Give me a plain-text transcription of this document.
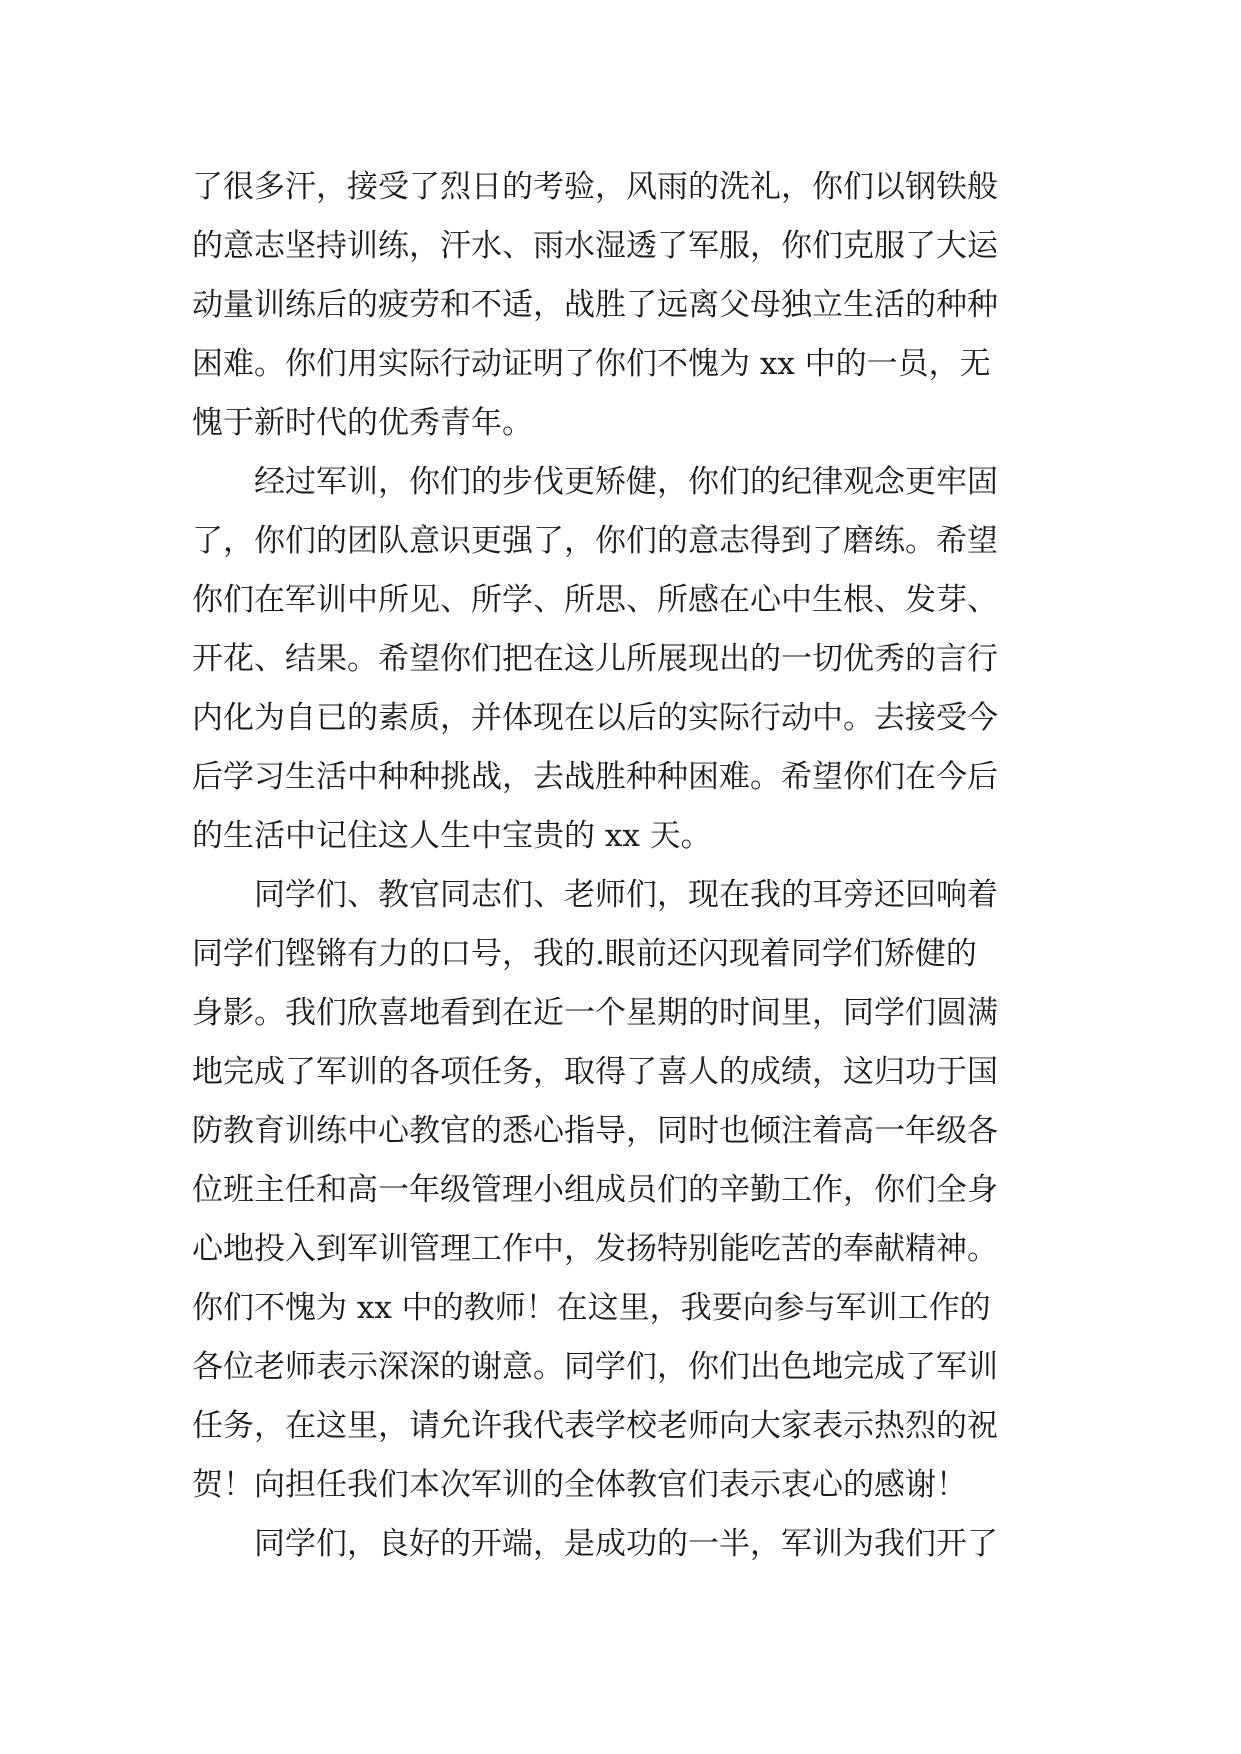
了很多汗，接受了烈日的考验，风雨的洗礼，你们以钢铁般
的意志坚持训练，汗水、雨水湿透了军服，你们克服了大运
动量训练后的疲劳和不适，战胜了远离父母独立生活的种种
困难。你们用实际行动证明了你们不愧为 xx 中的一员，无
愧于新时代的优秀青年。
经过军训，你们的步伐更矫健，你们的纪律观念更牢固
了，你们的团队意识更强了，你们的意志得到了磨练。希望
你们在军训中所见、所学、所思、所感在心中生根、发芽、
开花、结果。希望你们把在这儿所展现出的一切优秀的言行
内化为自已的素质，并体现在以后的实际行动中。去接受今
后学习生活中种种挑战，去战胜种种困难。希望你们在今后
的生活中记住这人生中宝贵的 xx 天。
同学们、教官同志们、老师们，现在我的耳旁还回响着
同学们铿锵有力的口号，我的.眼前还闪现着同学们矫健的
身影。我们欣喜地看到在近一个星期的时间里，同学们圆满
地完成了军训的各项任务，取得了喜人的成绩，这归功于国
防教育训练中心教官的悉心指导，同时也倾注着高一年级各
位班主任和高一年级管理小组成员们的辛勤工作，你们全身
心地投入到军训管理工作中，发扬特别能吃苦的奉献精神。
你们不愧为 xx 中的教师！在这里，我要向参与军训工作的
各位老师表示深深的谢意。同学们，你们出色地完成了军训
任务，在这里，请允许我代表学校老师向大家表示热烈的祝
贺！向担任我们本次军训的全体教官们表示衷心的感谢！
同学们，良好的开端，是成功的一半，军训为我们开了
